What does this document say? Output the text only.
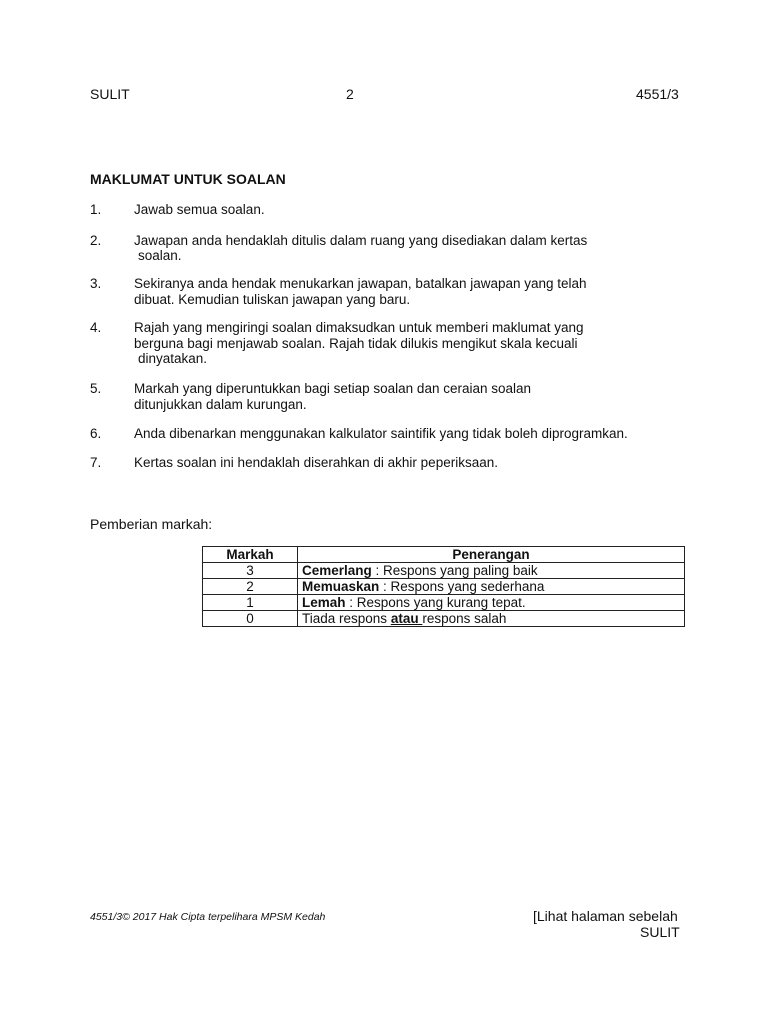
SULIT	2	4551/3
MAKLUMAT UNTUK SOALAN
1. Jawab semua soalan.
2. Jawapan anda hendaklah ditulis dalam ruang yang disediakan dalam kertas
soalan.
3. Sekiranya anda hendak menukarkan jawapan, batalkan jawapan yang telah
dibuat. Kemudian tuliskan jawapan yang baru.
4. Rajah yang mengiringi soalan dimaksudkan untuk memberi maklumat yang
berguna bagi menjawab soalan. Rajah tidak dilukis mengikut skala kecuali
dinyatakan.
5. Markah yang diperuntukkan bagi setiap soalan dan ceraian soalan
ditunjukkan dalam kurungan.
6. Anda dibenarkan menggunakan kalkulator saintifik yang tidak boleh diprogramkan.
7. Kertas soalan ini hendaklah diserahkan di akhir peperiksaan.
Pemberian markah:
Markah	Penerangan
3	Cemerlang : Respons yang paling baik
2	Memuaskan : Respons yang sederhana
1	Lemah : Respons yang kurang tepat.
0	Tiada respons atau respons salah
4551/3© 2017 Hak Cipta terpelihara MPSM Kedah	[Lihat halaman sebelah
SULIT
